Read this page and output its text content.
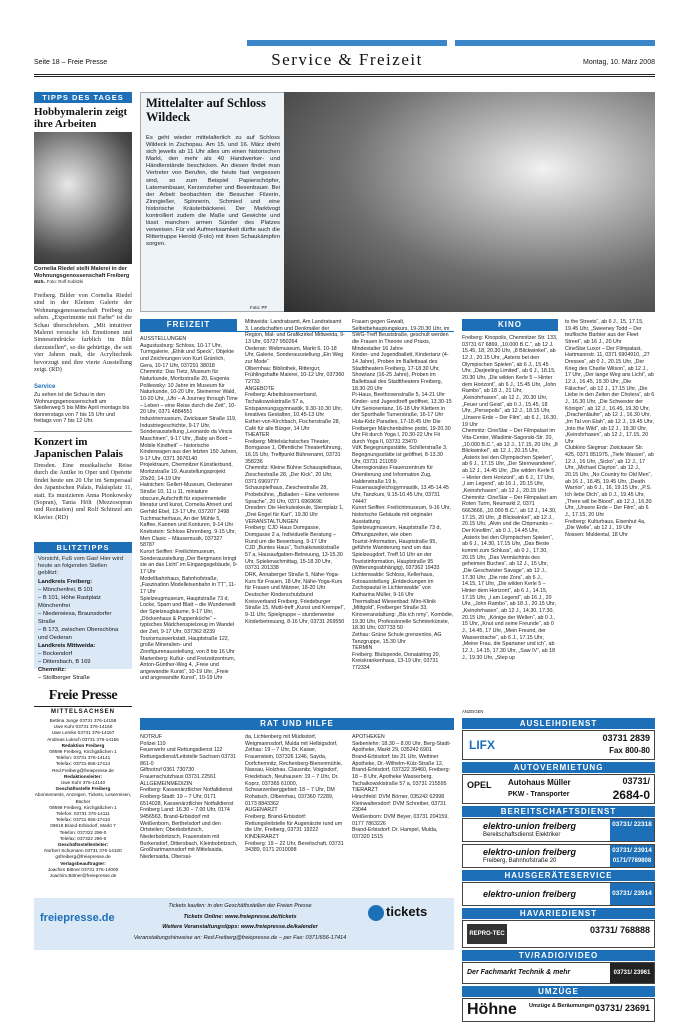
Seite 18 – Freie Presse	Service & Freizeit	Montag, 10. März 2008
TIPPS DES TAGES
Hobbymalerin zeigt ihre Arbeiten
Cornelia Riedel stellt Malerei in der Wohnungsgenossenschaft Freiberg aus. Foto: Rolf Kubitzki
Freiberg. Bilder von Cornelia Riedel sind in der Kleinen Galerie der Wohnungsgenossenschaft Freiberg zu sehen. „Experimente mit Farbe“ ist die Schau überschrieben. „Mit intuitiver Malerei versuche ich Emotionen und Sinneseindrücke farblich im Bild darzustellen“, so die gebürtige, die seit vier Jahren malt, die Acryltechnik bevorzugt und ihre vierte Ausstellung zeigt. (RD)
Service
Zu sehen ist die Schau in den Wohnungsgenossenschaft am Siedlerweg 5 bis Mitte April montags bis donnerstags von 7 bis 15 Uhr und freitags von 7 bis 12 Uhr.
Konzert im Japanischen Palais
Dresden. Eine musikalische Reise durch die Antike in Oper und Operette findet heute um 20 Uhr im Sempersaal des Japanischen Palais, Palaisplatz 11, statt. Es musizieren Anna Pionkowsky (Sopran), Tania Hölt (Mezzosopran und Rezitation) und Rolf Schinzel am Klavier. (RD)
BLITZTIPPS
Vorsicht, Fuß vom Gas! Hier wird heute an folgenden Stellen geblitzt:
Landkreis Freiberg:
– Mönchenfrei, B 101
– B 101, Höhe Rastplatz Mönchenfrei
– Niederwiesa, Braunsdorfer Straße
– B 173, zwischen Oberschöna und Oederan
Landkreis Mittweida:
– Bockendorf
– Dittersbach, B 169
Chemnitz:
– Stollberger Straße
Freie Presse
MITTELSACHSEN
Bettina Junge 03731 376-14158
Uwe Kuhr 03731 376-14160
Uwe Lemke 03731 376-14157
Andreas Luksch 03731 376-14156
Redaktion Freiberg
09599 Freiberg, Kirchgäßchen 1
Telefon: 03731 376-14141
Telefax: 03731 656-17414
Red.Freiberg@freiepresse.de
Redaktionsleiter:
Uwe Kuhr 376-14140
Geschäftsstelle Freiberg
Abonnements, Anzeigen, Tickets, Leserreisen, Bücher
09599 Freiberg, Kirchgäßchen 1
Telefon: 03731 376-14111
Telefax: 03731 656-17410
09618 Brand-Erbisdorf, Markt 7
Telefon: 037322 296-0
Telefax: 037322 296-6
Geschäftsstellenleiter:
Norbert Schumann 03731 376-14100
gsfreiberg@freiepresse.de
Verlagsbeauftragter:
Joachim Bittner 03731 376-14000
Joachim.Bittner@freiepresse.de
Mittelalter auf Schloss Wildeck
Es geht wieder mittelalterlich zu auf Schloss Wildeck in Zschopau. Am 15. und 16. März dreht sich jeweils ab 11 Uhr alles um einen historischen Markt, den mehr als 40 Handwerker- und Händlerstände beschicken. An diesen findet man Vertreter von Berufen, die heute fast vergessen sind, so zum Beispiel Papierschöpfer, Laternenbauer, Kerzenzieher und Besenbauer. Bei der Arbeit beobachten die Besucher Filzerin, Zinngießer, Spinnerin, Schmied und eine historische Kräuterbäckerei. Der Marktvogt kontrolliert zudem die Maße und Gewichte und lässt manchen armen Sünder des Platzes verweisen. Für viel Aufmerksamkeit dürfte auch die Rittertruppe Herold (Foto) mit ihren Schaukämpfen sorgen.
Foto: PF
FREIZEIT
AUSSTELLUNGEN
Augustusburg: Schloss, 10-17 Uhr, Turmgalerie, „Ethik und Speck“, Objekte und Zeichnungen von Kurt Grünlich, Gera, 10-17 Uhr, 037291 38018
Chemnitz: Das Tietz, Museum für Naturkunde, Moritzstraße 20, Evgenia Polilewsky: 10 Jahre im Museum für Naturkunde, 10-20 Uhr, Steinerner Wald, 10-20 Uhr, „Ufo – A Journey through Time – Leben – eine Reise durch die Zeit“, 10-20 Uhr, 0371 4884551
Industriemuseum, Zwickauer Straße 119, Industriegeschichte, 9-17 Uhr, Sonderausstellung „Leonardo da Vincis Maschinen“, 9-17 Uhr, „Baby an Bord – Mobile Kindheit“ – historische Kinderwagen aus den letzten 150 Jahren, 9-17 Uhr, 0371 3676140
Projektraum, Chemnitzer Künstlerbund, Moritzstraße 19, Ausstellungsprojekt 20x20, 14-19 Uhr
Hainichen: Gellert-Museum, Oederaner Straße 10, 11 u 11, miniature obscure„Aufschrift für experimentelle literatur und kunst, Cornelia Ahnert und Gerhild Ebel, 13-17 Uhr, 037207 2498
Tuchmacherhaus, An der Mühle 5, Kaffee, Kannen und Konturen, 9-14 Uhr
Kriebstein: Schloss Ehrenberg, 9-15 Uhr, Men Clasic – Mäusemusik, 037327 58787
Kurort Seiffen: Freilichtmuseum, Sonderausstellung „Der Bergmann bringt sie an das Licht“ im Eingangsgebäude, 9-17 Uhr
Modellbahnhaus, Bahnhofstraße, „Faszination Modelleisenbahn in TT“, 11-17 Uhr
Spielzeugmuseum, Hauptstraße 73 d, Locke, Spam und Blatt – die Wunderwelt der Spielzeugbäume, 9-17 Uhr, „Döckenhaus & Puppenküche“ – typisches Mädchenspielzeug im Wandel der Zeit, 9-17 Uhr, 037362 8239
Tourismuswerkstatt, Hauptstraße 122, große Mineralien- und Zinnfigurenausstellung, von 8 bis 16 Uhr
Marienberg: Kultur- und Freizeitzentrum, Anton-Günther-Weg 4, „Freie und angewandte Kunst“, 10-19 Uhr, „Freie und angewandte Kunst“, 10-19 Uhr
Mittweida: Landratsamt, Am Landratsamt 3, Landschaften und Denkmäler der Region, Mal- und Grafikzirkel Mittweida, 9-13 Uhr, 03727 950264
Oederan: Webmuseum, Markt 6, 10-18 Uhr, Galerie, Sonderausstellung „Ein Weg zur Mode“
Olbernhau: Bibliothek, Ritterguт, Frühlingshafte Malerei, 10-12 Uhr, 037360 72733
ANGEBOTE
Freiberg: Arbeitslosenverband, Tschaikowskistraße 57 a, Entspannungsgymnastik, 9.30-10.30 Uhr, kreatives Gestalten, 10.45-13 Uhr
Esther-von-Kirchbach, Fischerstraße 28, Café für alle Bürger, 14 Uhr
THEATER
Freiberg: Mittelsächsisches Theater, Borngasse 1, Öffentliche Theaterführung, 16.15 Uhr, Treffpunkt Bühnenamt, 03731 358236
Chemnitz: Kleine Bühne Schauspielhaus, Zieschestraße 28, „Der Kick“, 20 Uhr, 0371 6969777
Schauspielhaus, Zieschestraße 28, Probebühne, „Balladen – Eine verlorene Sprache“, 20 Uhr, 0371 6969696
Dresden: Die Herkuleskeule, Sternplatz 1, „Drei Engel für Karl“, 19.30 Uhr
VERANSTALTUNGEN
Freiberg: CJD Haus Domgasse, Domgasse 2 a, Individuelle Beratung – Rund um die Bewerbung, 9-17 Uhr
CJD „Buntes Haus“, Tschaikowskistraße 57 a, Hausaufgaben-Betreuung, 13-15.30 Uhr, Spielenachmittag, 15-18.30 Uhr, 03731 201338
DRK, Annaberger Straße 5, Nähe-Yoga-Kurs für Frauen, 18 Uhr, Nähe-Yoga-Kurs für Frauen und Männer, 18-20 Uhr
Deutscher Kinderschutzbund Kreisverband Freiberg, Friedeburger Straße 15, Mutti-treff „Kunst und Krempel“, 9-11 Uhr, Spielgruppe – stundenweise Kinderbetreuung, 8-16 Uhr, 03731 269550
Frauen gegen Gewalt, Selbstbehauptungskurs, 19-20.30 Uhr, im SWG-Treff Beuststraße, geschult werden die Frauen in Theorie und Praxis, Mindestalter 16 Jahre
Kinder- und Jugendballett, Kindertanz (4-14 Jahre), Proben im Ballettsaal des Stadttheaters Freiberg, 17-18.30 Uhr, Showtanz (16-25 Jahre), Proben im Ballettsaal des Stadttheaters Freiberg, 18.30-20 Uhr
Pi-Haus, Beethovenstraße 5, 14-21 Uhr Kinder- und Jugendtreff geöffnet, 13.30-15 Uhr Seniorentanz, 16-18 Uhr Klettern in der Sporthalle Turnerstraße, 16-17 Uhr Hula-Kidz Paradies, 17-18.45 Uhr Die Freiberger Märchenbühne probt, 19-20.30 Uhr Fit durch Yoga I, 20.30-22 Uhr Fit durch Yoga II, 03731 23470
VdK Begegnungsstätte, Schillerstraße 3, Begegnungsstätte ist geöffnet, 8-13.30 Uhr, 03731 211059
Überregionales Frauenzentrum für Orientierung und Information Zug, Haldenstraße 19 b, Frauenausgleichsgymnastik, 13.45-14.45 Uhr, Tanzkurs, 9.15-10.45 Uhr, 03731 74447
Kurort Seiffen: Freilichtmuseum, 9-16 Uhr, historische Gebäude mit originaler Ausstattung
Spielzeugmuseum, Hauptstraße 73 d, Öffnungszeiten, wie oben
Tourist-Information, Hauptstraße 95, geführte Wanderung rund um das Spielzeugdorf, Treff 10 Uhr an der Touristinformation, Hauptstraße 95 (Witterungsabhängig), 037362 19433
Lichtenwalde: Schloss, Kellerhaus, Fotoausstellung „Entdeckungen im Zschopautal in Lichtenwalde“ von Katharina Müller, 9-16 Uhr
Thermalbad Wiesenbad: Miro-Klinik „Mittgold“, Freiberger Straße 33, Kinoveranstaltung: „Bis ich nmy“, Komödie, 19.30 Uhr, Professionelle Schmierkünste, 18.30 Uhr, 037733 50
Zethau: Grüne Schule grenzenlos, AG Tanzgruppe, 15.30 Uhr
TERMIN
Freiberg: Blutspende, Donatalring 20, Kreiskrankenhaus, 13-19 Uhr, 03731 772334
KINO
Freiberg: Kinopolis, Chemnitzer Str. 133, 03731 67 6869, „10.000 B.C.“, ab 12 J. 15.45, 18, 20.30 Uhr, „8 Blickwinkel“, ab 12 J., 20.15 Uhr, „Asterix bei den Olympischen Spielen“, ab 6 J., 15.45 Uhr, „Darjeeling Limited“, ab 6 J., 18.15, 20.30 Uhr, „Die wilden Kerle 5 – Hinter dem Horizont“, ab 6 J., 15.45 Uhr, „John Rambo“, ab 18 J., 21 Uhr, „Keinohrhasen“, ab 12 J., 20.30 Uhr, „Feuer und Geist“, ab 0 J., 15.45, 18 Uhr, „Persepolis“, ab 12 J., 18.15 Uhr, „Unsere Erde – Der Film“, ab 6 J., 16.30, 19 Uhr
Chemnitz: CineStar – Der Filmpalast im Vita-Center, Wladimir-Sagorski-Str. 20, „10.000 B.C.“, ab 12 J., 17.15, 20 Uhr, „8 Blickwinkel“, ab 12 J., 20.15 Uhr, „Asterix bei den Olympischen Spielen“, ab 6 J., 17.15 Uhr, „Der Sternwanderer“, ab 12 J., 14.45 Uhr, „Die wilden Kerle 5 – Hinter dem Horizont“, ab 6 J., 17 Uhr, „I am Legend“, ab 16 J., 20.15 Uhr, „Keinohrhasen“, ab 12 J., 20.15 Uhr
Chemnitz: CineStar – Der Filmpalast am Roten Turm, Neumarkt 2, 0371 6663666, „10.000 B.C.“, ab 12 J., 14.30, 17.15, 20 Uhr, „8 Blickwinkel“, ab 12 J., 20.15 Uhr, „Alvin und die Chipmunks – Der Kinofilm“, ab 0 J., 14.45 Uhr, „Asterix bei den Olympischen Spielen“, ab 6 J., 14.30, 17.15 Uhr, „Das Beste kommt zum Schluss“, ab 0 J., 17.30, 20.15 Uhr, „Das Vermächtnis des geheimen Buches“, ab 12 J., 15 Uhr, „Die Geschwister Savage“, ab 12 J., 17.30 Uhr, „Die rote Zora“, ab 6 J., 14.15, 17 Uhr, „Die wilden Kerle 5 – Hinter dem Horizont“, ab 6 J., 14.15, 17.15 Uhr, „I am Legend“, ab 16 J., 20 Uhr, „John Rambo“, ab 18 J., 20.15 Uhr, „Keinohrhasen“, ab 12 J., 14.30, 17.30, 20.15 Uhr, „Könige der Wellen“, ab 0 J., 15 Uhr, „Knut und seine Freunde“, ab 0 J., 14.45, 17 Uhr, „Mein Freund, der Wasserdrache“, ab 6 J., 17.15 Uhr, „Meine Frau, die Spartaner und ich“, ab 12 J., 14.15, 17.30 Uhr, „Saw IV“, ab 18 J., 19.30 Uhr, „Step up
to the Streets“, ab 6 J., 15, 17.15, 19.45 Uhr, „Sweeney Todd – Der teuflische Barbier aus der Fleet Street“, ab 16 J., 20 Uhr
CineStar Luxor – Der Filmpalast, Hartmannstr. 11, 0371 6904910, „27 Dresses“, ab 0 J., 20.15 Uhr, „Der Krieg des Charlie Wilson“, ab 12 J., 17 Uhr, „Der lange Weg ans Licht“, ab 12 J., 16.45, 19.30 Uhr, „Die Fälscher“, ab 12 J., 17.15 Uhr, „Die Liebe in den Zeiten der Cholera“, ab 6 J., 16.30 Uhr, „Die Schwester der Königin“, ab 12 J., 16.45, 19.30 Uhr, „Drachenläufer“, ab 12 J., 16.30 Uhr, „Im Tal von Elah“, ab 12 J., 19.45 Uhr, „Into the Wild“, ab 12 J., 19.30 Uhr, „Keinohrhasen“, ab 12 J., 17.15, 20 Uhr
Clubkino Siegmar: Zwickauer Str. 425, 0371 851975, „Tiefe Wasser“, ab 12 J., 16 Uhr, „Sicko“, ab 12 J., 17 Uhr, „Michael Clayton“, ab 12 J., 20.15 Uhr, „No Country for Old Men“, ab 16 J., 16.45, 19.45 Uhr, „Death Warrior“, ab 6 J., 16, 19.15 Uhr, „P.S. Ich liebe Dich“, ab 0 J., 19.45 Uhr, „There will be Blood“, ab 12 J., 16.30 Uhr, „Unsere Erde – Der Film“, ab 6 J., 17.15, 20 Uhr
Freiberg: Kulturhaus, Eisenhut 4a, „Die Welle“, ab 12 J., 19 Uhr
Nossen: Muldental, 18 Uhr
ANZEIGEN
RAT UND HILFE
NOTRUF
Polizei 110
Feuerwehr und Rettungsdienst 112
Rettungsdienst/Leitstelle Sachsen 03731 861-0
Giftnotruf 0361 730730
Frauenschutzhaus 03731 22561
ALLGEMEINMEDIZIN
Freiberg: Kassenärztlicher Notfalldienst Freiberg-Stadt: 19 – 7 Uhr, 0171 6514028, Kassenärztlicher Notfalldienst Freiberg Land: 16.30 – 7.00 Uhr, 0174 9456563, Brand-Erbisdorf mit Weißenborn, Berthelsdorf und den Ortsteilen; Oberbobritzsch, Niederbobritzsch, Frauenstein mit Burkersdorf, Dittersbach, Kleinbobritzsch, Großhartmannsdorf mit Mittelsaida, Niedersaida, Obersai-
da, Lichtenberg mit Müdisdorf, Weigmannsdorf, Mulda mit Helbigsdorf, Zethau: 19 – 7 Uhr, Dr. Kaiser, Frauenstein, 037326 1246, Sayda, Dorfchemnitz, Rechenberg-Bienenmühle, Nassau, Holzhau, Clausnitz, Voigtsdorf, Friedebach, Neuhausen: 19 – 7 Uhr, Dr. Koprz, 037365 61000, Schwarzenberggebiet: 18 – 7 Uhr, DM Rohatsch, Olbernhau, 037360 72289, 0173 8843362
AUGENARZT
Freiberg, Brand-Erbisdorf: Rettungsleitstelle für Augenärzte rund um die Uhr, Freiberg, 03731 19222
KINDERARZT
Freiberg: 19 – 22 Uhr, Bereitschaft, 03731 34389, 0171 2010098
APOTHEKEN
Siebenlehn: 18.30 – 8.00 Uhr, Berg-Stadt-Apotheke, Markt 29, 035242 6901
Brand-Erbisdorf: bis 21 Uhr, Wettiner Apotheke, Dr.-Wilhelm-Külz-Straße 12, Brand-Erbisdorf, 037322 39460, Freiberg: 18 – 8 Uhr, Apotheke Wasserberg, Tschaikowskistraße 57 a, 03731 215595
TIERARZT
Hirschfeld: DVM Börner, 035242 62998
Kleinwaltersdorf: DVM Schreiber, 03731 23044
Weißenborn: DVM Beyer, 03731 204159, 0177 7863226
Brand-Erbisdorf: Dr. Hampel, Mulda, 037320 1515
freiepresse.de
Tickets kaufen: in den Geschäftsstellen der Freien Presse
Tickets Online: www.freiepresse.de/tickets
Weitere Veranstaltungstipps: www.freiepresse.de/kalender
Veranstaltungshinweise an: Red.Freiberg@freiepresse.de – per Fax: 0371/656-17414
tickets
AUSLEIHDIENST
LIFX	03731 2839
Fax 800-80
AUTOVERMIETUNG
OPEL Autohaus Müller
PKW - Transporter
03731/
2684-0
BEREITSCHAFTSDIENST
elektro-union freiberg
Bereitschaftsdienst Elektriker
03731/ 22318
elektro-union freiberg
Freiberg, Bahnhofstraße 20
03731/ 23914
0171/7789808
HAUSGERÄTESERVICE
elektro-union freiberg	03731/ 23914
HAVARIEDIENST
REPRO-TEC	03731/ 768888
TV/RADIO/VIDEO
Der Fachmarkt Technik & mehr	03731/ 23961
UMZÜGE
Höhne Umzüge & Beräumungen 03731/ 23691
